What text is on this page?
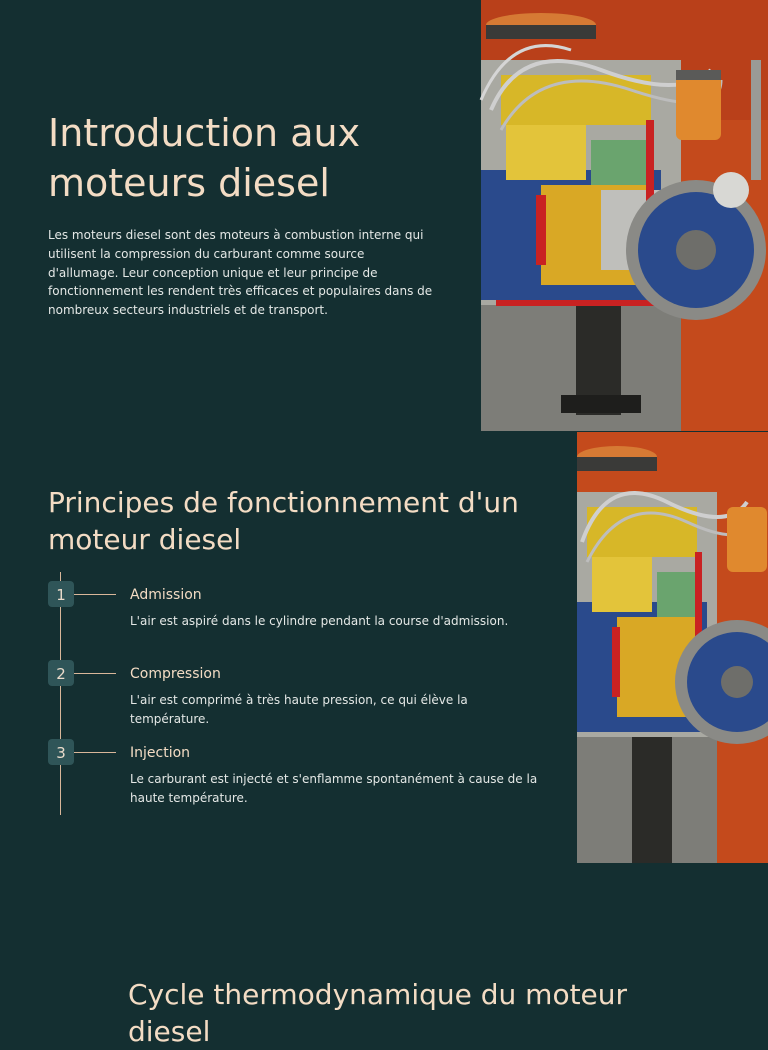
Introduction aux moteurs diesel

Les moteurs diesel sont des moteurs à combustion interne qui utilisent la compression du carburant comme source d'allumage. Leur conception unique et leur principe de fonctionnement les rendent très efficaces et populaires dans de nombreux secteurs industriels et de transport.

Principes de fonctionnement d'un moteur diesel
1	Admission

L'air est aspiré dans le cylindre pendant la course d'admission.

2	Compression

L'air est comprimé à très haute pression, ce qui élève la température.

3	Injection

Le carburant est injecté et s'enflamme spontanément à cause de la haute température.

Cycle thermodynamique du moteur diesel
